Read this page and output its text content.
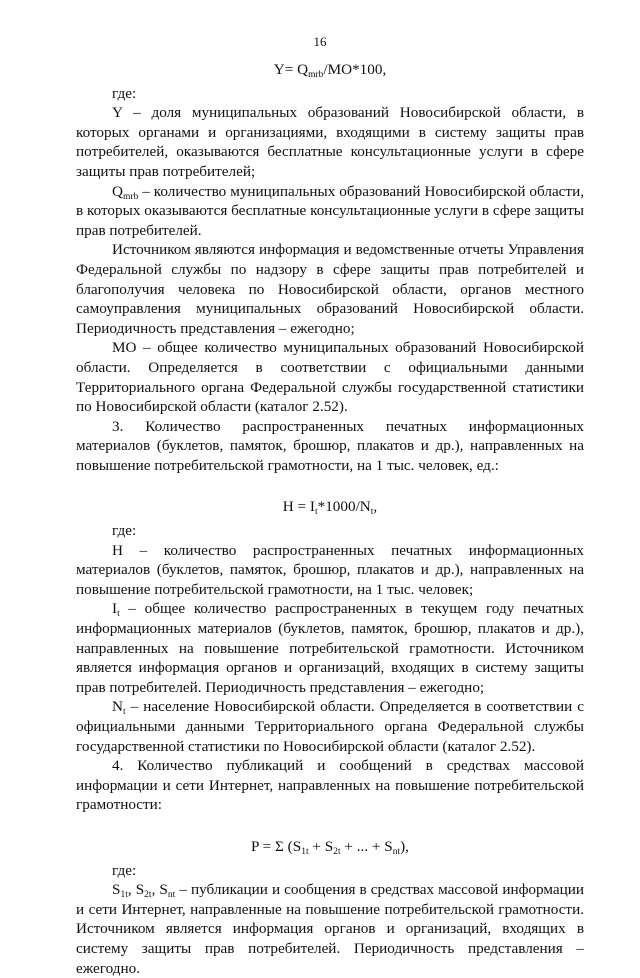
16
$Y= Q_{mrb}/MO*100$,

где:

Y – доля муниципальных образований Новосибирской области, в которых органами и организациями, входящими в систему защиты прав потребителей, оказываются бесплатные консультационные услуги в сфере защиты прав потребителей;

$Q_{mrb}$ – количество муниципальных образований Новосибирской области, в которых оказываются бесплатные консультационные услуги в сфере защиты прав потребителей.

Источником являются информация и ведомственные отчеты Управления Федеральной службы по надзору в сфере защиты прав потребителей и благополучия человека по Новосибирской области, органов местного самоуправления муниципальных образований Новосибирской области. Периодичность представления – ежегодно;

МО – общее количество муниципальных образований Новосибирской области. Определяется в соответствии с официальными данными Территориального органа Федеральной службы государственной статистики по Новосибирской области (каталог 2.52).

3. Количество распространенных печатных информационных материалов (буклетов, памяток, брошюр, плакатов и др.), направленных на повышение потребительской грамотности, на 1 тыс. человек, ед.:

$H = I_t*1000/N_t$,

где:

H – количество распространенных печатных информационных материалов (буклетов, памяток, брошюр, плакатов и др.), направленных на повышение потребительской грамотности, на 1 тыс. человек;

$I_t$ – общее количество распространенных в текущем году печатных информационных материалов (буклетов, памяток, брошюр, плакатов и др.), направленных на повышение потребительской грамотности. Источником является информация органов и организаций, входящих в систему защиты прав потребителей. Периодичность представления – ежегодно;

$N_t$ – население Новосибирской области. Определяется в соответствии с официальными данными Территориального органа Федеральной службы государственной статистики по Новосибирской области (каталог 2.52).

4. Количество публикаций и сообщений в средствах массовой информации и сети Интернет, направленных на повышение потребительской грамотности:

P = Σ ($S_{1t} + S_{2t}$ + ... + $S_{nt}$),

где:

$S_{1t}$, $S_{2t}$, $S_{nt}$ – публикации и сообщения в средствах массовой информации и сети Интернет, направленные на повышение потребительской грамотности. Источником является информация органов и организаций, входящих в систему защиты прав потребителей. Периодичность представления – ежегодно.
